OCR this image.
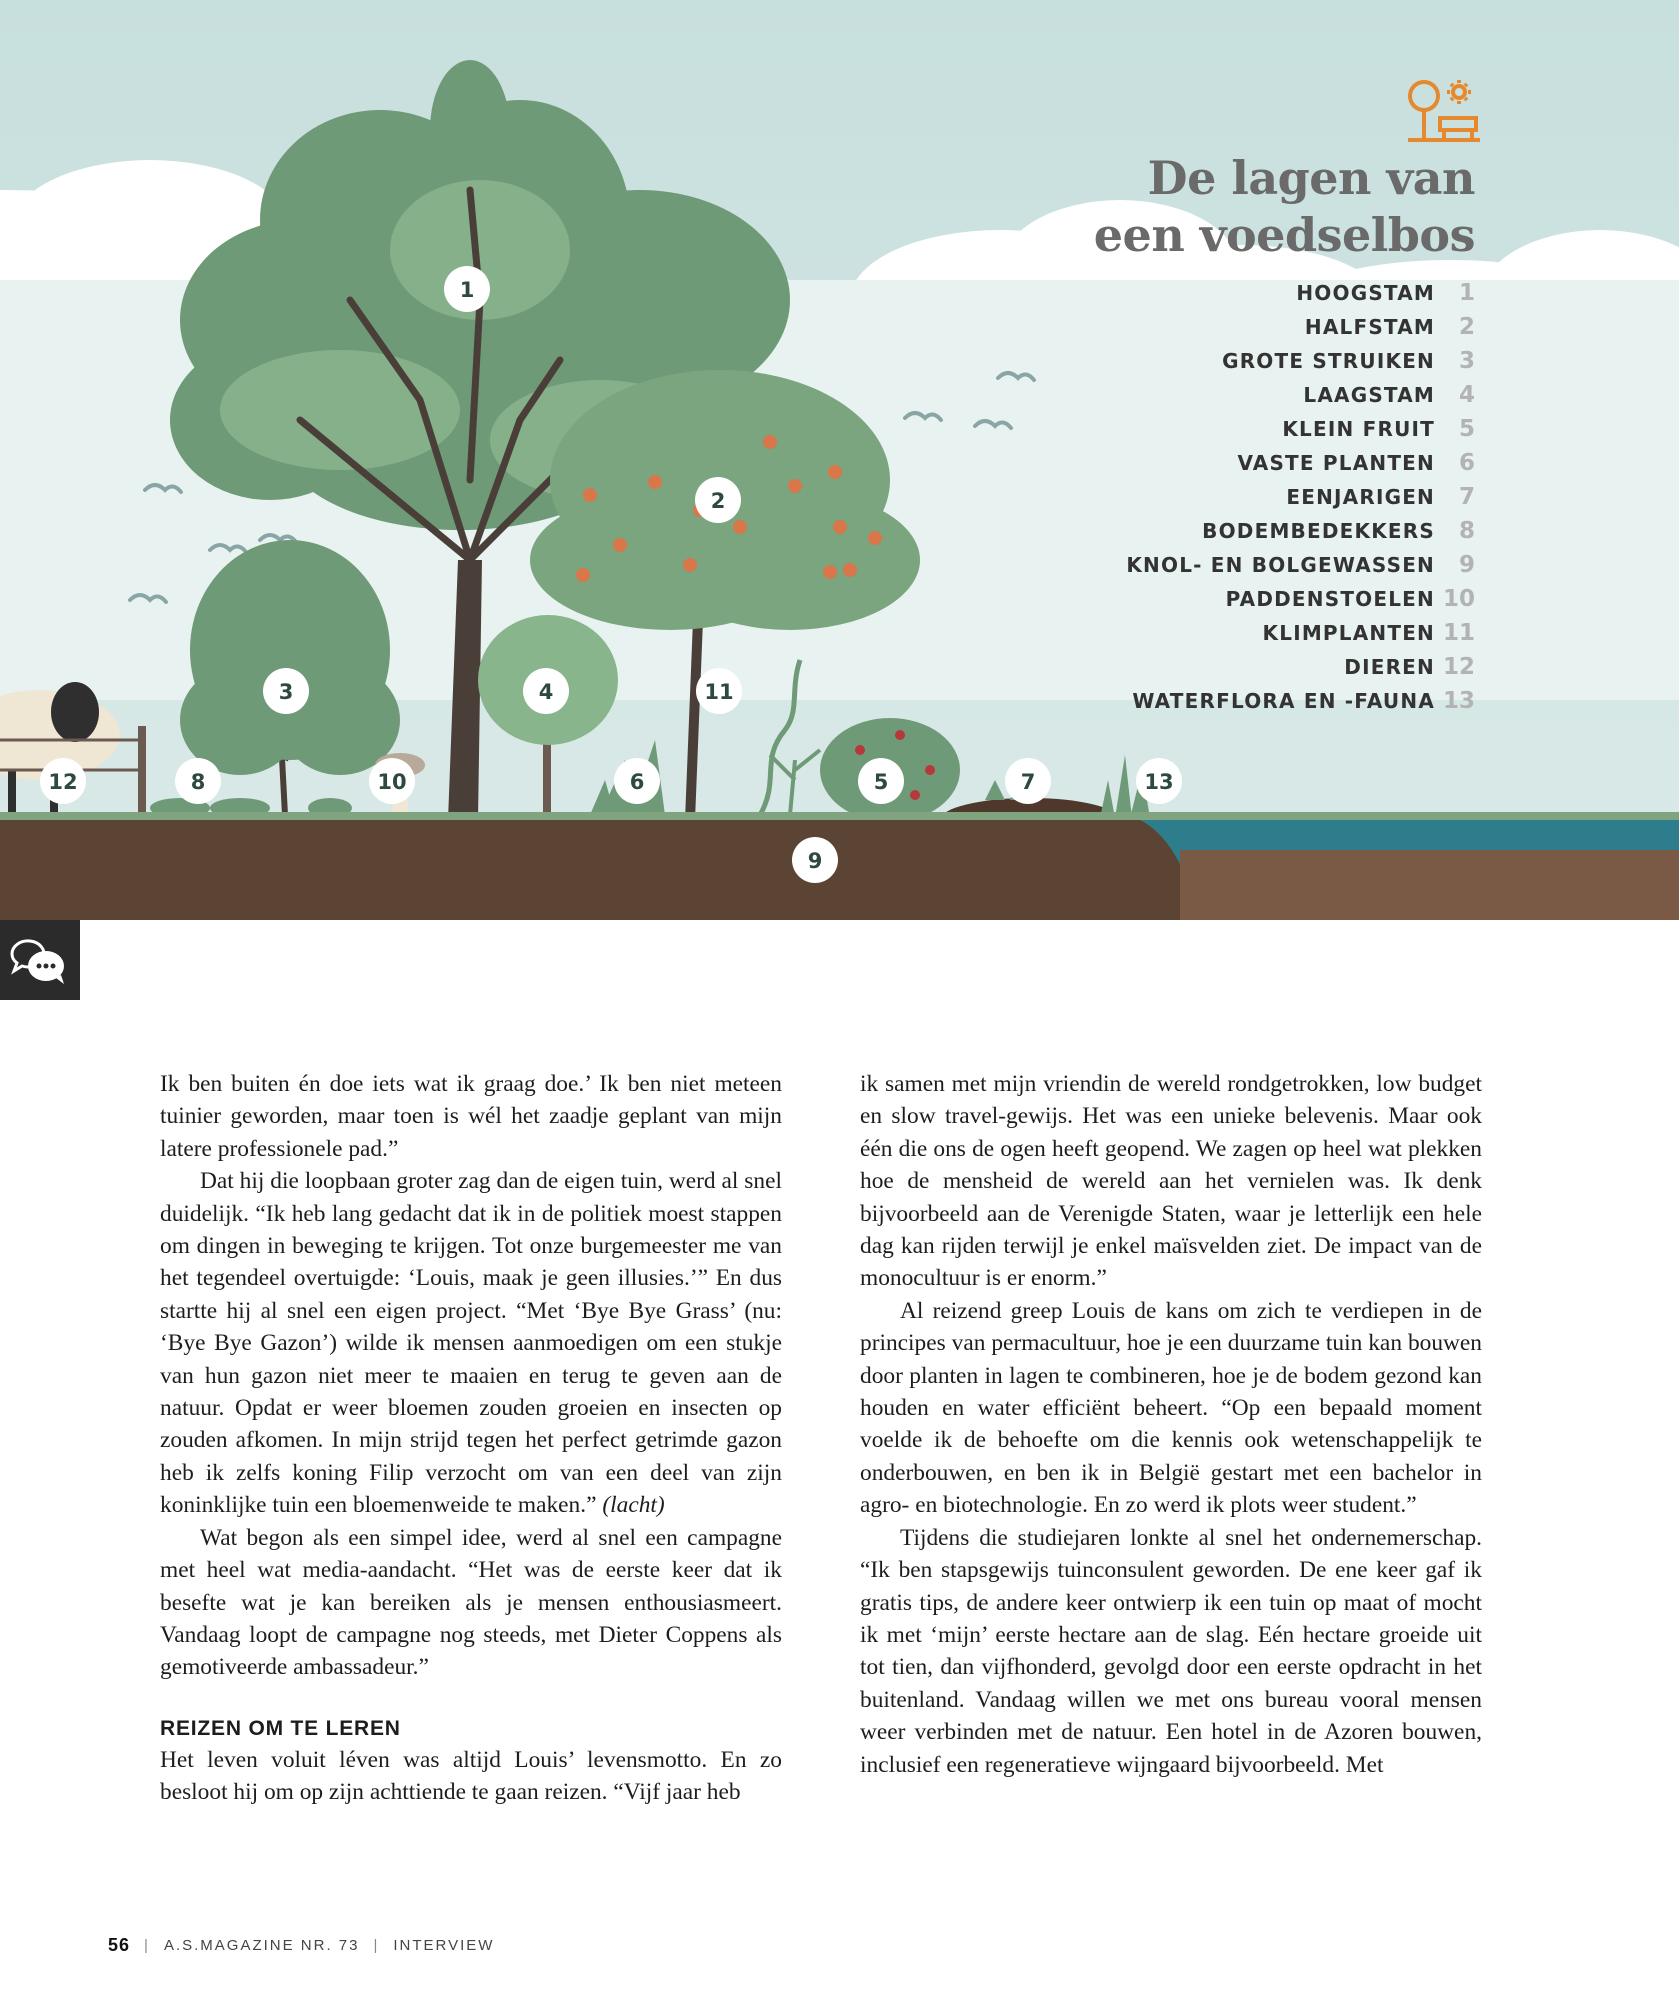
1
2
3	4
5
6	7
8
9
10
11
12	13
De lagen van
een voedselbos
HOOGSTAM	1
HALFSTAM	2
GROTE STRUIKEN	3
LAAGSTAM	4
KLEIN FRUIT	5
VASTE PLANTEN	6
EENJARIGEN	7
BODEMBEDEKKERS	8
KNOL- EN BOLGEWASSEN	9
PADDENSTOELEN 10
KLIMPLANTEN 11
DIEREN 12
WATERFLORA EN -FAUNA 13

Ik ben buiten én doe iets wat ik graag doe.’ Ik ben niet meteen tuinier geworden, maar toen is wél het zaadje geplant van mijn latere professionele pad.”

Dat hij die loopbaan groter zag dan de eigen tuin, werd al snel duidelijk. “Ik heb lang gedacht dat ik in de politiek moest stappen om dingen in beweging te krijgen. Tot onze burgemeester me van het tegendeel overtuigde: ‘Louis, maak je geen illusies.’” En dus startte hij al snel een eigen project. “Met ‘Bye Bye Grass’ (nu: ‘Bye Bye Gazon’) wilde ik mensen aanmoedigen om een stukje van hun gazon niet meer te maaien en terug te geven aan de natuur. Opdat er weer bloemen zouden groeien en insecten op zouden afkomen. In mijn strijd tegen het perfect getrimde gazon heb ik zelfs koning Filip verzocht om van een deel van zijn koninklijke tuin een bloemenweide te maken.” (lacht)

Wat begon als een simpel idee, werd al snel een campagne met heel wat media-aandacht. “Het was de eerste keer dat ik besefte wat je kan bereiken als je mensen enthousiasmeert. Vandaag loopt de campagne nog steeds, met Dieter Coppens als gemotiveerde ambassadeur.”

REIZEN OM TE LEREN

Het leven voluit léven was altijd Louis’ levensmotto. En zo besloot hij om op zijn achttiende te gaan reizen. “Vijf jaar heb

ik samen met mijn vriendin de wereld rondgetrokken, low budget en slow travel-gewijs. Het was een unieke belevenis. Maar ook één die ons de ogen heeft geopend. We zagen op heel wat plekken hoe de mensheid de wereld aan het vernielen was. Ik denk bijvoorbeeld aan de Verenigde Staten, waar je letterlijk een hele dag kan rijden terwijl je enkel maïsvelden ziet. De impact van de monocultuur is er enorm.”

Al reizend greep Louis de kans om zich te verdiepen in de principes van permacultuur, hoe je een duurzame tuin kan bouwen door planten in lagen te combineren, hoe je de bodem gezond kan houden en water efficiënt beheert. “Op een bepaald moment voelde ik de behoefte om die kennis ook wetenschappelijk te onderbouwen, en ben ik in België gestart met een bachelor in agro- en biotechnologie. En zo werd ik plots weer student.”

Tijdens die studiejaren lonkte al snel het ondernemerschap. “Ik ben stapsgewijs tuinconsulent geworden. De ene keer gaf ik gratis tips, de andere keer ontwierp ik een tuin op maat of mocht ik met ‘mijn’ eerste hectare aan de slag. Eén hectare groeide uit tot tien, dan vijfhonderd, gevolgd door een eerste opdracht in het buitenland. Vandaag willen we met ons bureau vooral mensen weer verbinden met de natuur. Een hotel in de Azoren bouwen, inclusief een regeneratieve wijngaard bijvoorbeeld. Met

56 | A.S.MAGAZINE NR. 73 | INTERVIEW
